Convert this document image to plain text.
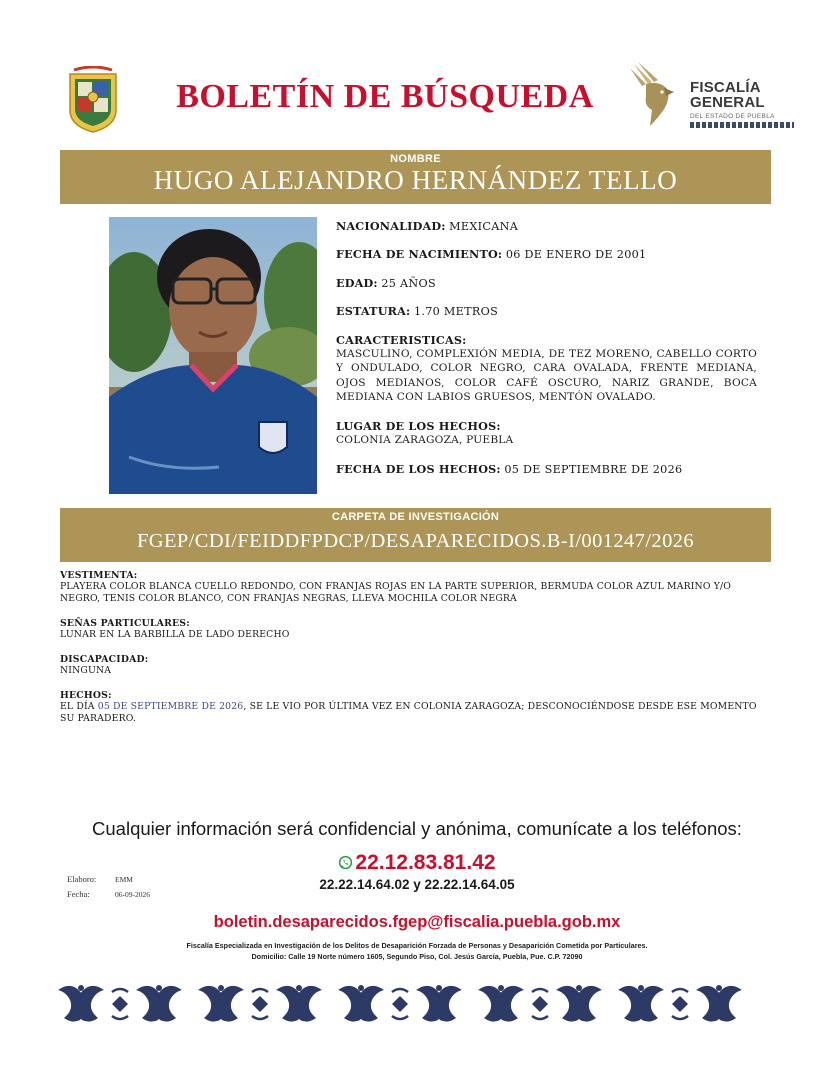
BOLETÍN DE BÚSQUEDA	FISCALÍA
GENERAL
DEL ESTADO DE PUEBLA
NOMBRE
HUGO ALEJANDRO HERNÁNDEZ TELLO
NACIONALIDAD: MEXICANA
FECHA DE NACIMIENTO: 06 DE ENERO DE 2001
EDAD: 25 AÑOS
ESTATURA: 1.70 METROS
CARACTERISTICAS:
MASCULINO, COMPLEXIÓN MEDIA, DE TEZ MORENO, CABELLO CORTO Y ONDULADO, COLOR NEGRO, CARA OVALADA, FRENTE MEDIANA, OJOS MEDIANOS, COLOR CAFÉ OSCURO, NARIZ GRANDE, BOCA MEDIANA CON LABIOS GRUESOS, MENTÓN OVALADO.
LUGAR DE LOS HECHOS:
COLONIA ZARAGOZA, PUEBLA
FECHA DE LOS HECHOS: 05 DE SEPTIEMBRE DE 2026
CARPETA DE INVESTIGACIÓN
FGEP/CDI/FEIDDFPDCP/DESAPARECIDOS.B-I/001247/2026
VESTIMENTA:
PLAYERA COLOR BLANCA CUELLO REDONDO, CON FRANJAS ROJAS EN LA PARTE SUPERIOR, BERMUDA COLOR AZUL MARINO Y/O NEGRO, TENIS COLOR BLANCO, CON FRANJAS NEGRAS, LLEVA MOCHILA COLOR NEGRA
SEÑAS PARTICULARES:
LUNAR EN LA BARBILLA DE LADO DERECHO
DISCAPACIDAD:
NINGUNA
HECHOS:
EL DÍA 05 DE SEPTIEMBRE DE 2026, SE LE VIO POR ÚLTIMA VEZ EN COLONIA ZARAGOZA; DESCONOCIÉNDOSE DESDE ESE MOMENTO SU PARADERO.
Cualquier información será confidencial y anónima, comunícate a los teléfonos:
22.12.83.81.42
22.22.14.64.02 y 22.22.14.64.05
Elaboro: EMM
Fecha:	06-09-2026
boletin.desaparecidos.fgep@fiscalia.puebla.gob.mx
Fiscalía Especializada en Investigación de los Delitos de Desaparición Forzada de Personas y Desaparición Cometida por Particulares.
Domicilio: Calle 19 Norte número 1605, Segundo Piso, Col. Jesús García, Puebla, Pue. C.P. 72090
